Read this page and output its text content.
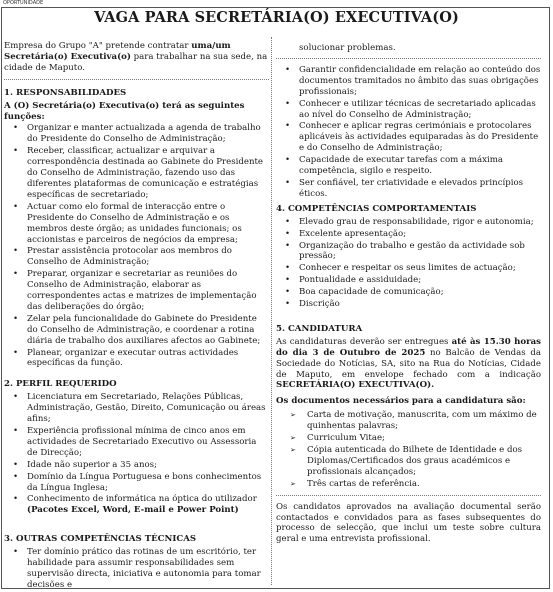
OPORTUNIDADE
VAGA PARA SECRETÁRIA(O) EXECUTIVA(O)

Empresa do Grupo "A" pretende contratar uma/um Secretária(o) Executiva(o) para trabalhar na sua sede, na cidade de Maputo.

1. RESPONSABILIDADES
A (O) Secretária(o) Executiva(o) terá as seguintes funções:
• Organizar e manter actualizada a agenda de trabalho do Presidente do Conselho de Administração;
• Receber, classificar, actualizar e arquivar a correspondência destinada ao Gabinete do Presidente do Conselho de Administração, fazendo uso das diferentes plataformas de comunicação e estratégias específicas de secretariado;
• Actuar como elo formal de interacção entre o Presidente do Conselho de Administração e os membros deste órgão; as unidades funcionais; os accionistas e parceiros de negócios da empresa;
• Prestar assistência protocolar aos membros do Conselho de Administração;
• Preparar, organizar e secretariar as reuniões do Conselho de Administração, elaborar as correspondentes actas e matrizes de implementação das deliberações do órgão;
• Zelar pela funcionalidade do Gabinete do Presidente do Conselho de Administração, e coordenar a rotina diária de trabalho dos auxiliares afectos ao Gabinete;
• Planear, organizar e executar outras actividades específicas da função.
2. PERFIL REQUERIDO
• Licenciatura em Secretariado, Relações Públicas, Administração, Gestão, Direito, Comunicação ou áreas afins;
• Experiência profissional mínima de cinco anos em actividades de Secretariado Executivo ou Assessoria de Direcção;
• Idade não superior a 35 anos;
• Domínio da Língua Portuguesa e bons conhecimentos da Língua Inglesa;
• Conhecimento de informática na óptica do utilizador
(Pacotes Excel, Word, E-mail e Power Point)
3. OUTRAS COMPETÊNCIAS TÉCNICAS
• Ter domínio prático das rotinas de um escritório, ter habilidade para assumir responsabilidades sem supervisão directa, iniciativa e autonomia para tomar decisões e
solucionar problemas.
• Garantir confidencialidade em relação ao conteúdo dos documentos tramitados no âmbito das suas obrigações profissionais;
• Conhecer e utilizar técnicas de secretariado aplicadas ao nível do Conselho de Administração;
• Conhecer e aplicar regras cerimóniais e protocolares aplicáveis às actividades equiparadas às do Presidente e do Conselho de Administração;
• Capacidade de executar tarefas com a máxima competência, sigilo e respeito.
• Ser confiável, ter criatividade e elevados princípios éticos.
4. COMPETÊNCIAS COMPORTAMENTAIS
• Elevado grau de responsabilidade, rigor e autonomia;
• Excelente apresentação;
• Organização do trabalho e gestão da actividade sob pressão;
• Conhecer e respeitar os seus limites de actuação;
• Pontualidade e assiduidade;
• Boa capacidade de comunicação;
• Discrição
5. CANDIDATURA

As candidaturas deverão ser entregues até às 15.30 horas do dia 3 de Outubro de 2025 no Balcão de Vendas da Sociedade do Notícias, SA, sito na Rua do Notícias, Cidade de Maputo, em envelope fechado com a indicação SECRETÁRIA(O) EXECUTIVA(O).

Os documentos necessários para a candidatura são:
➢ Carta de motivação, manuscrita, com um máximo de quinhentas palavras;
➢ Curriculum Vitae;
➢ Cópia autenticada do Bilhete de Identidade e dos Diplomas/Certificados dos graus académicos e profissionais alcançados;
➢ Três cartas de referência.

Os candidatos aprovados na avaliação documental serão contactados e convidados para as fases subsequentes do processo de selecção, que inclui um teste sobre cultura geral e uma entrevista profissional.
